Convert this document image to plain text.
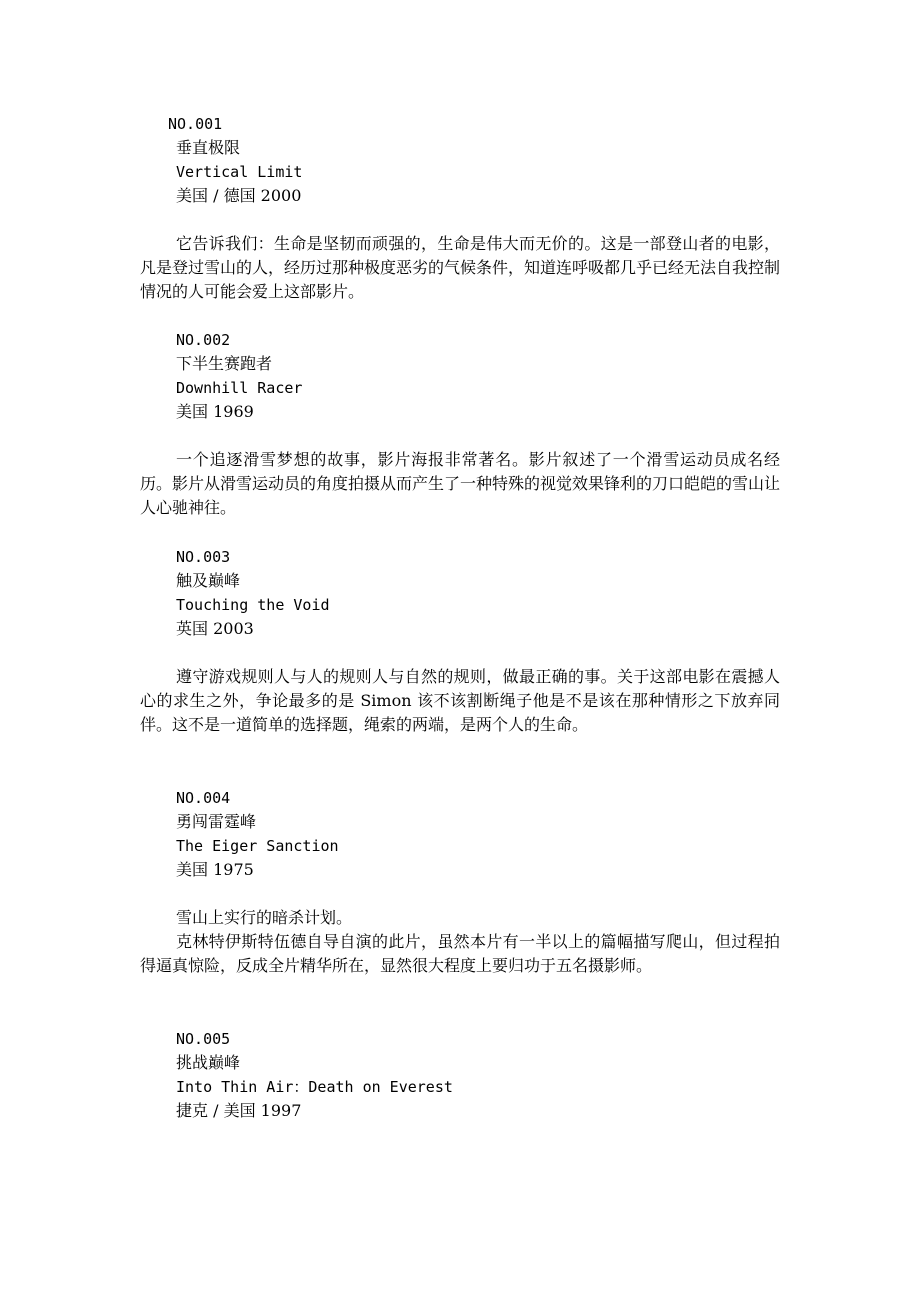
NO.001
垂直极限
Vertical Limit
美国 / 德国 2000

它告诉我们：生命是坚韧而顽强的，生命是伟大而无价的。这是一部登山者的电影，凡是登过雪山的人，经历过那种极度恶劣的气候条件，知道连呼吸都几乎已经无法自我控制情况的人可能会爱上这部影片。

NO.002
下半生赛跑者
Downhill Racer
美国 1969

一个追逐滑雪梦想的故事，影片海报非常著名。影片叙述了一个滑雪运动员成名经历。影片从滑雪运动员的角度拍摄从而产生了一种特殊的视觉效果锋利的刀口皑皑的雪山让人心驰神往。

NO.003
触及巅峰
Touching the Void
英国 2003

遵守游戏规则人与人的规则人与自然的规则，做最正确的事。关于这部电影在震撼人心的求生之外，争论最多的是 Simon 该不该割断绳子他是不是该在那种情形之下放弃同伴。这不是一道简单的选择题，绳索的两端，是两个人的生命。

NO.004
勇闯雷霆峰
The Eiger Sanction
美国 1975

雪山上实行的暗杀计划。

克林特伊斯特伍德自导自演的此片，虽然本片有一半以上的篇幅描写爬山，但过程拍得逼真惊险，反成全片精华所在，显然很大程度上要归功于五名摄影师。

NO.005
挑战巅峰
Into Thin Air：Death on Everest
捷克 / 美国 1997
